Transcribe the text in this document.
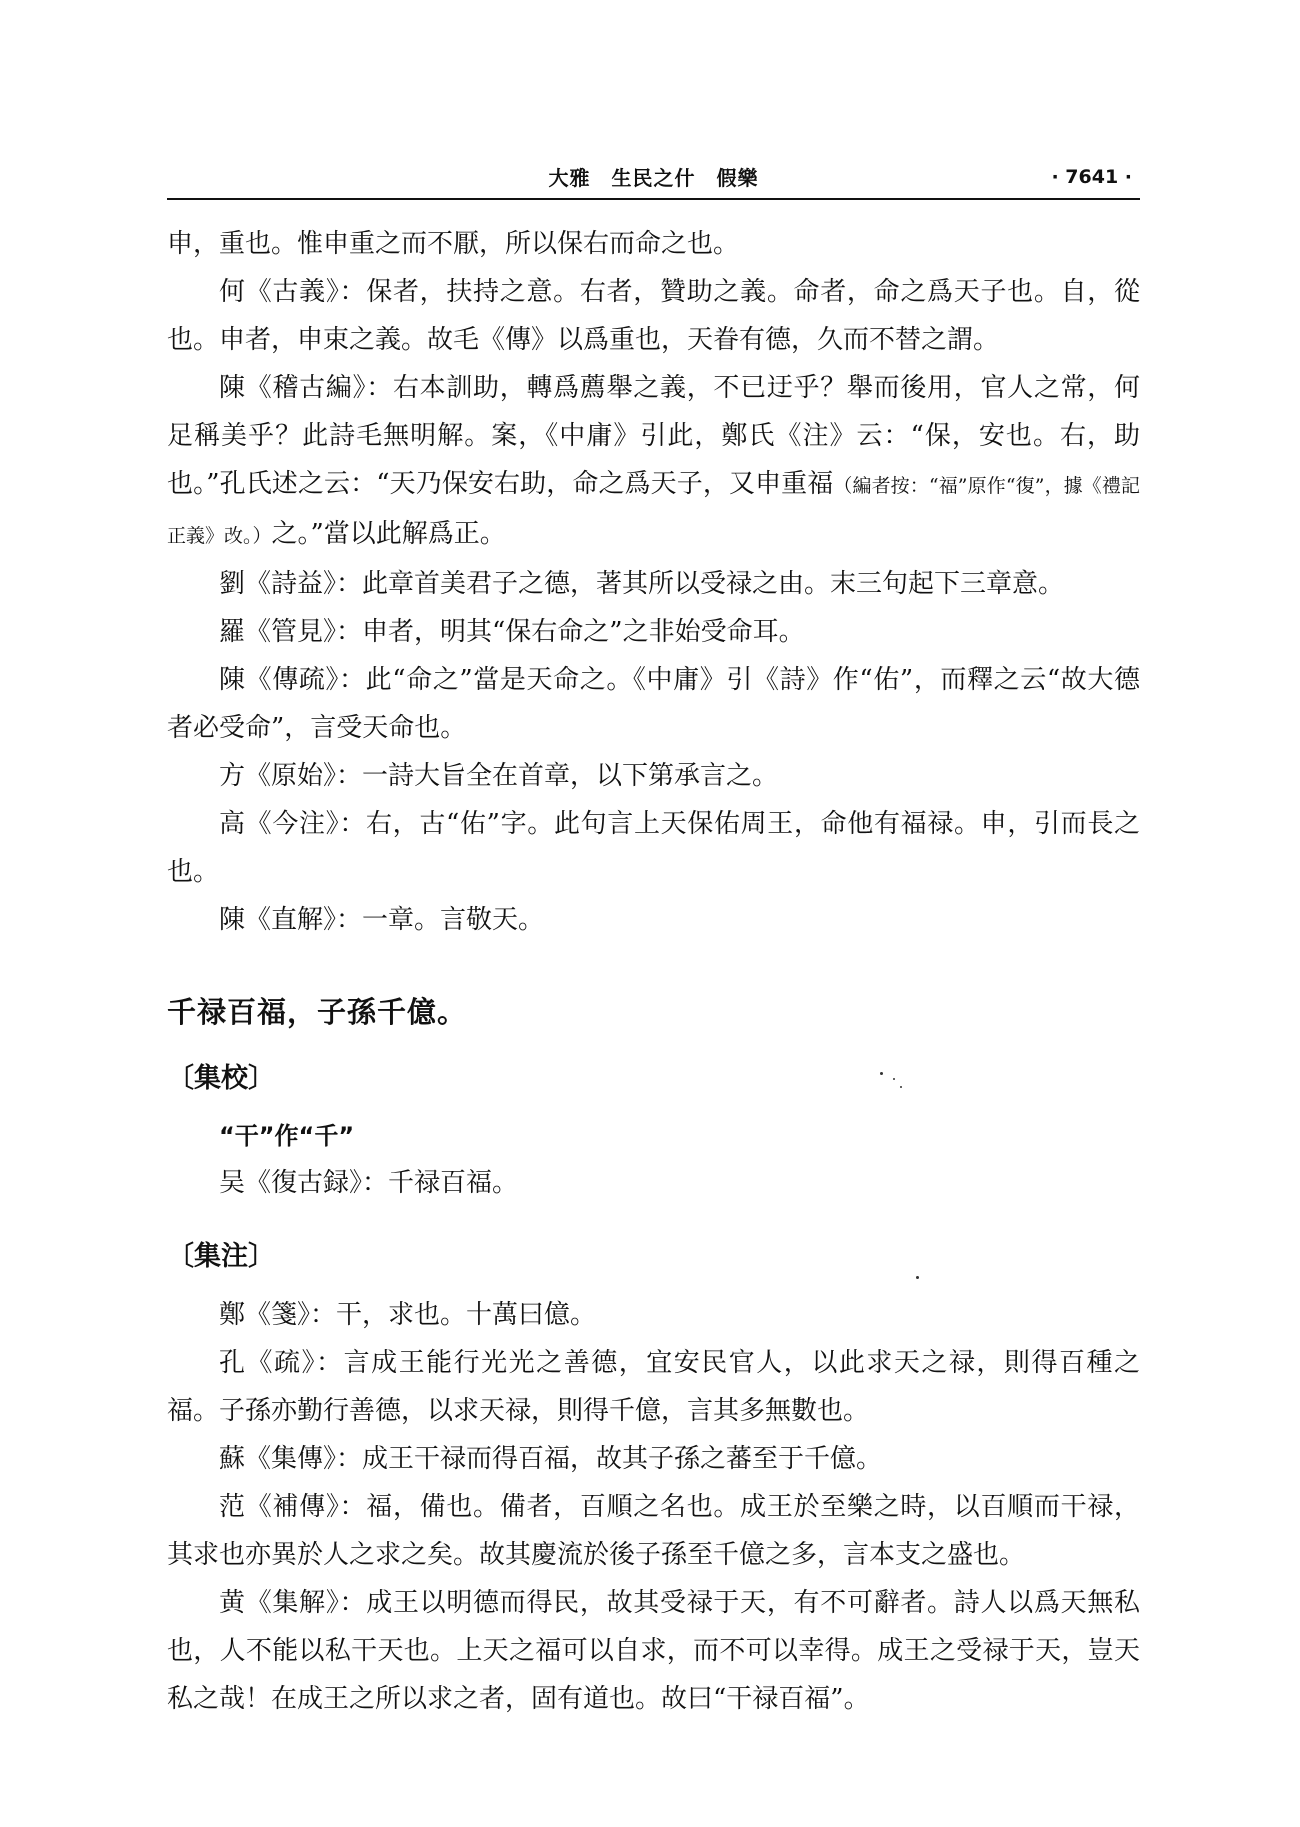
大雅　生民之什　假樂	· 7641 ·

申，重也。惟申重之而不厭，所以保右而命之也。

何《古義》：保者，扶持之意。右者，贊助之義。命者，命之爲天子也。自，從也。申者，申束之義。故毛《傳》以爲重也，天眷有德，久而不替之謂。

陳《稽古編》：右本訓助，轉爲薦舉之義，不已迂乎？舉而後用，官人之常，何足稱美乎？此詩毛無明解。案，《中庸》引此，鄭氏《注》云：“保，安也。右，助也。”孔氏述之云：“天乃保安右助，命之爲天子，又申重福（編者按：“福”原作“復”，據《禮記正義》改。）之。”當以此解爲正。

劉《詩益》：此章首美君子之德，著其所以受禄之由。末三句起下三章意。

羅《管見》：申者，明其“保右命之”之非始受命耳。

陳《傳疏》：此“命之”當是天命之。《中庸》引《詩》作“佑”，而釋之云“故大德者必受命”，言受天命也。

方《原始》：一詩大旨全在首章，以下第承言之。

高《今注》：右，古“佑”字。此句言上天保佑周王，命他有福禄。申，引而長之也。

陳《直解》：一章。言敬天。

千禄百福，子孫千億。

〔集校〕

“干”作“千”

吴《復古録》：千禄百福。

〔集注〕

鄭《箋》：干，求也。十萬曰億。

孔《疏》：言成王能行光光之善德，宜安民官人，以此求天之禄，則得百種之福。子孫亦勤行善德，以求天禄，則得千億，言其多無數也。

蘇《集傳》：成王干禄而得百福，故其子孫之蕃至于千億。

范《補傳》：福，備也。備者，百順之名也。成王於至樂之時，以百順而干禄，其求也亦異於人之求之矣。故其慶流於後子孫至千億之多，言本支之盛也。

黄《集解》：成王以明德而得民，故其受禄于天，有不可辭者。詩人以爲天無私也，人不能以私干天也。上天之福可以自求，而不可以幸得。成王之受禄于天，豈天私之哉！在成王之所以求之者，固有道也。故曰“干禄百福”。
